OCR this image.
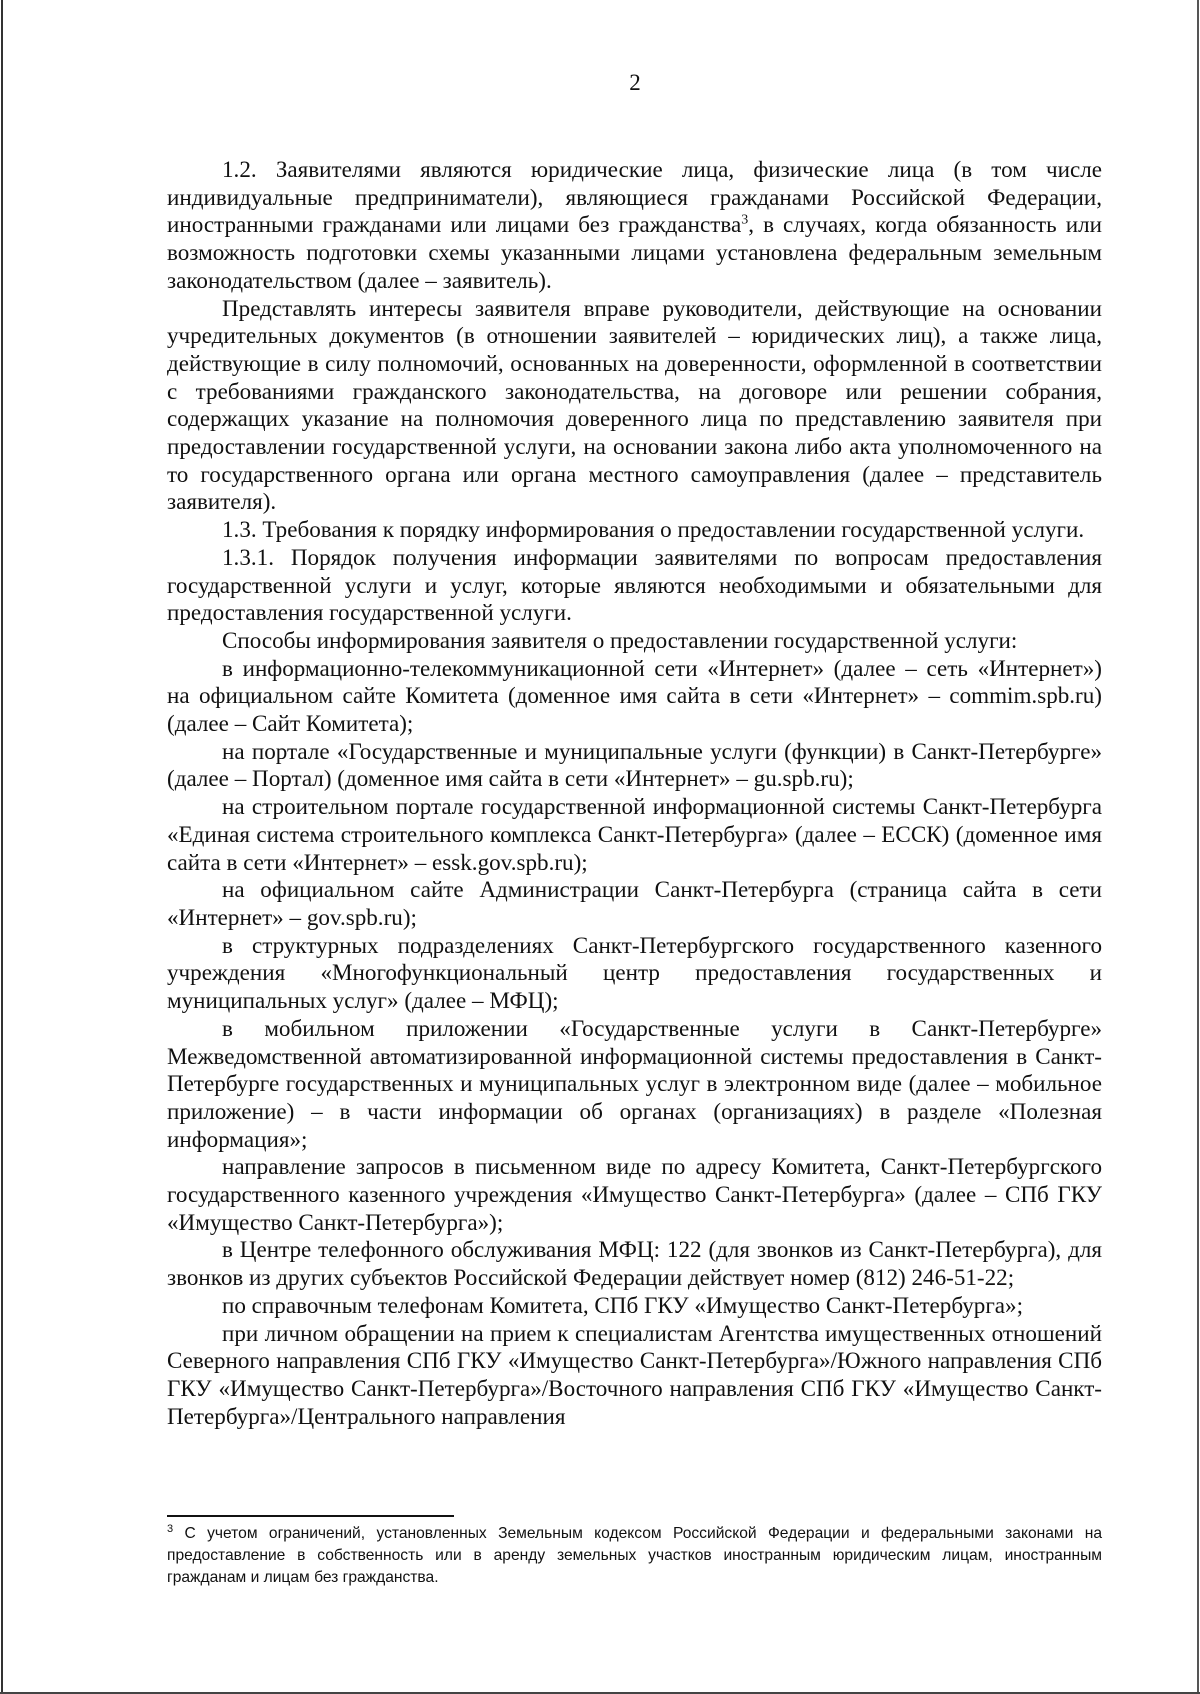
2

1.2. Заявителями являются юридические лица, физические лица (в том числе индивидуальные предприниматели), являющиеся гражданами Российской Федерации, иностранными гражданами или лицами без гражданства$^3$, в случаях, когда обязанность или возможность подготовки схемы указанными лицами установлена федеральным земельным законодательством (далее – заявитель).

Представлять интересы заявителя вправе руководители, действующие на основании учредительных документов (в отношении заявителей – юридических лиц), а также лица, действующие в силу полномочий, основанных на доверенности, оформленной в соответствии с требованиями гражданского законодательства, на договоре или решении собрания, содержащих указание на полномочия доверенного лица по представлению заявителя при предоставлении государственной услуги, на основании закона либо акта уполномоченного на то государственного органа или органа местного самоуправления (далее – представитель заявителя).

1.3. Требования к порядку информирования о предоставлении государственной услуги.

1.3.1. Порядок получения информации заявителями по вопросам предоставления государственной услуги и услуг, которые являются необходимыми и обязательными для предоставления государственной услуги.

Способы информирования заявителя о предоставлении государственной услуги:

в информационно-телекоммуникационной сети «Интернет» (далее – сеть «Интернет») на официальном сайте Комитета (доменное имя сайта в сети «Интернет» – commim.spb.ru) (далее – Сайт Комитета);

на портале «Государственные и муниципальные услуги (функции) в Санкт-Петербурге» (далее – Портал) (доменное имя сайта в сети «Интернет» – gu.spb.ru);

на строительном портале государственной информационной системы Санкт-Петербурга «Единая система строительного комплекса Санкт-Петербурга» (далее – ЕССК) (доменное имя сайта в сети «Интернет» – essk.gov.spb.ru);

на официальном сайте Администрации Санкт-Петербурга (страница сайта в сети «Интернет» – gov.spb.ru);

в структурных подразделениях Санкт-Петербургского государственного казенного учреждения «Многофункциональный центр предоставления государственных и муниципальных услуг» (далее – МФЦ);

в мобильном приложении «Государственные услуги в Санкт-Петербурге» Межведомственной автоматизированной информационной системы предоставления в Санкт-Петербурге государственных и муниципальных услуг в электронном виде (далее – мобильное приложение) – в части информации об органах (организациях) в разделе «Полезная информация»;

направление запросов в письменном виде по адресу Комитета, Санкт-Петербургского государственного казенного учреждения «Имущество Санкт-Петербурга» (далее – СПб ГКУ «Имущество Санкт-Петербурга»);

в Центре телефонного обслуживания МФЦ: 122 (для звонков из Санкт-Петербурга), для звонков из других субъектов Российской Федерации действует номер (812) 246-51-22;

по справочным телефонам Комитета, СПб ГКУ «Имущество Санкт-Петербурга»;

при личном обращении на прием к специалистам Агентства имущественных отношений Северного направления СПб ГКУ «Имущество Санкт-Петербурга»/Южного направления СПб ГКУ «Имущество Санкт-Петербурга»/Восточного направления СПб ГКУ «Имущество Санкт-Петербурга»/Центрального направления

$^3$ С учетом ограничений, установленных Земельным кодексом Российской Федерации и федеральными законами на предоставление в собственность или в аренду земельных участков иностранным юридическим лицам, иностранным гражданам и лицам без гражданства.
